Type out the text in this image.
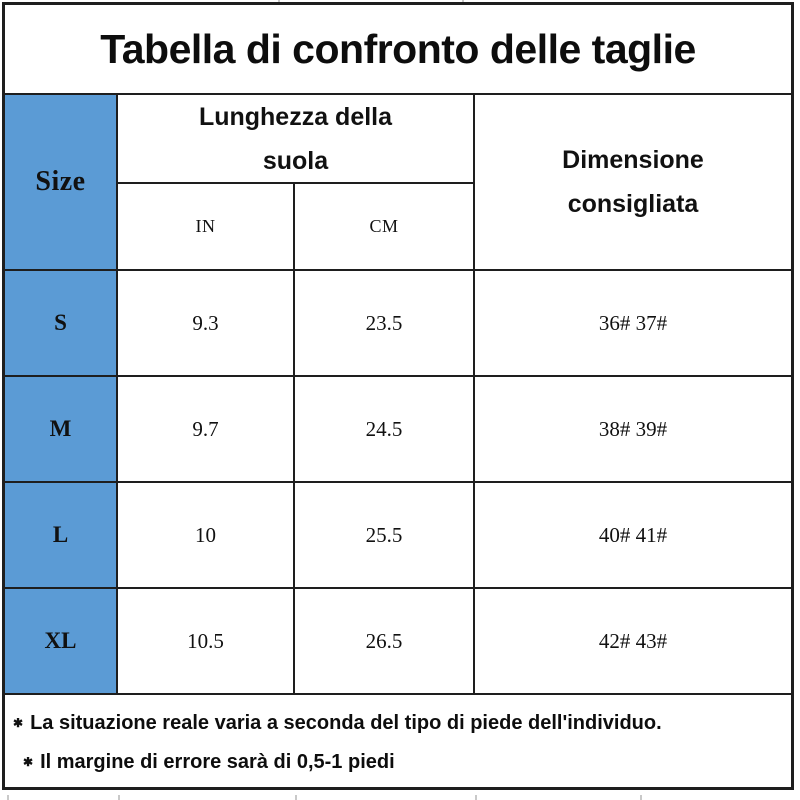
Tabella di confronto delle taglie
Size
Lunghezza della suola	Dimensione consigliata
IN	CM
S	9.3	23.5	36# 37#
M	9.7	24.5	38# 39#
L	10	25.5	40# 41#
XL	10.5	26.5	42# 43#
✱ La situazione reale varia a seconda del tipo di piede dell'individuo.
✱ Il margine di errore sarà di 0,5-1 piedi
